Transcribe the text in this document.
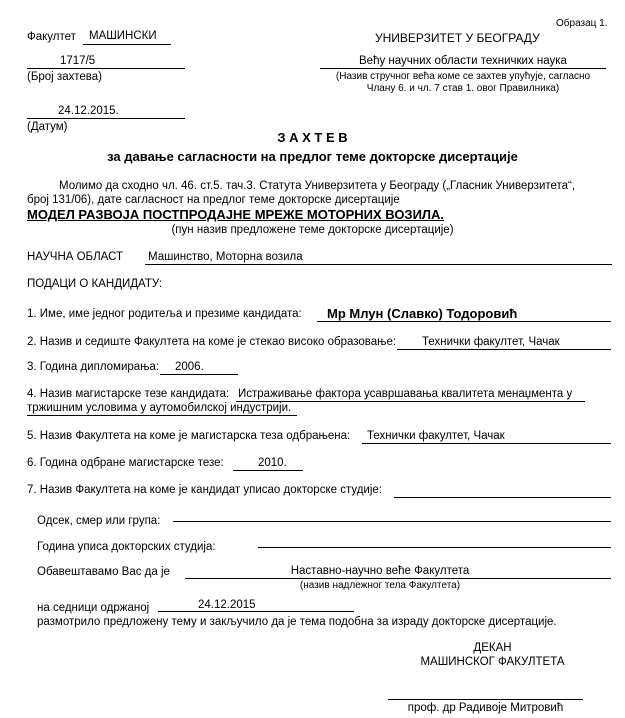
Образац 1.
Факултет МАШИНСКИ	УНИВЕРЗИТЕТ У БЕОГРАДУ
1717/5
(Број захтева)
Већу научних области техничких наука
(Назив стручног већа коме се захтев упућује, сагласно
Члану 6. и чл. 7 став 1. овог Правилника)
24.12.2015.
(Датум)
З А Х Т Е В
за давање сагласности на предлог теме докторске дисертације
Молимо да сходно чл. 46. ст.5. тач.3. Статута Универзитета у Београду („Гласник Универзитета“,
број 131/06), дате сагласност на предлог теме докторске дисертације
МОДЕЛ РАЗВОЈА ПОСТПРОДАЈНЕ МРЕЖЕ МОТОРНИХ ВОЗИЛА.
(пун назив предложене теме докторске дисертације)
НАУЧНА ОБЛАСТ Машинство, Моторна возила
ПОДАЦИ О КАНДИДАТУ:
1. Име, име једног родитеља и презиме кандидата: Мр Млун (Славко) Тодоровић
2. Назив и седиште Факултета на коме је стекао високо образовање: Технички факултет, Чачак
3. Година дипломирања: 2006.
4. Назив магистарске тезе кандидата: Истраживање фактора усавршавања квалитета менаџмента у
тржишним условима у аутомобилској индустрији.
5. Назив Факултета на коме је магистарска теза одбрањена: Технички факултет, Чачак
6. Година одбране магистарске тезе:	2010.
7. Назив Факултета на коме је кандидат уписао докторске студије:
Одсек, смер или група:
Година уписа докторских студија:
Обавештавамо Вас да је	Наставно-научно веће Факултета
(назив надлежног тела Факултета)
на седници одржаној	24.12.2015
размотрило предложену тему и закључило да је тема подобна за израду докторске дисертације.
ДЕКАН
МАШИНСКОГ ФАКУЛТЕТА
проф. др Радивоје Митровић
